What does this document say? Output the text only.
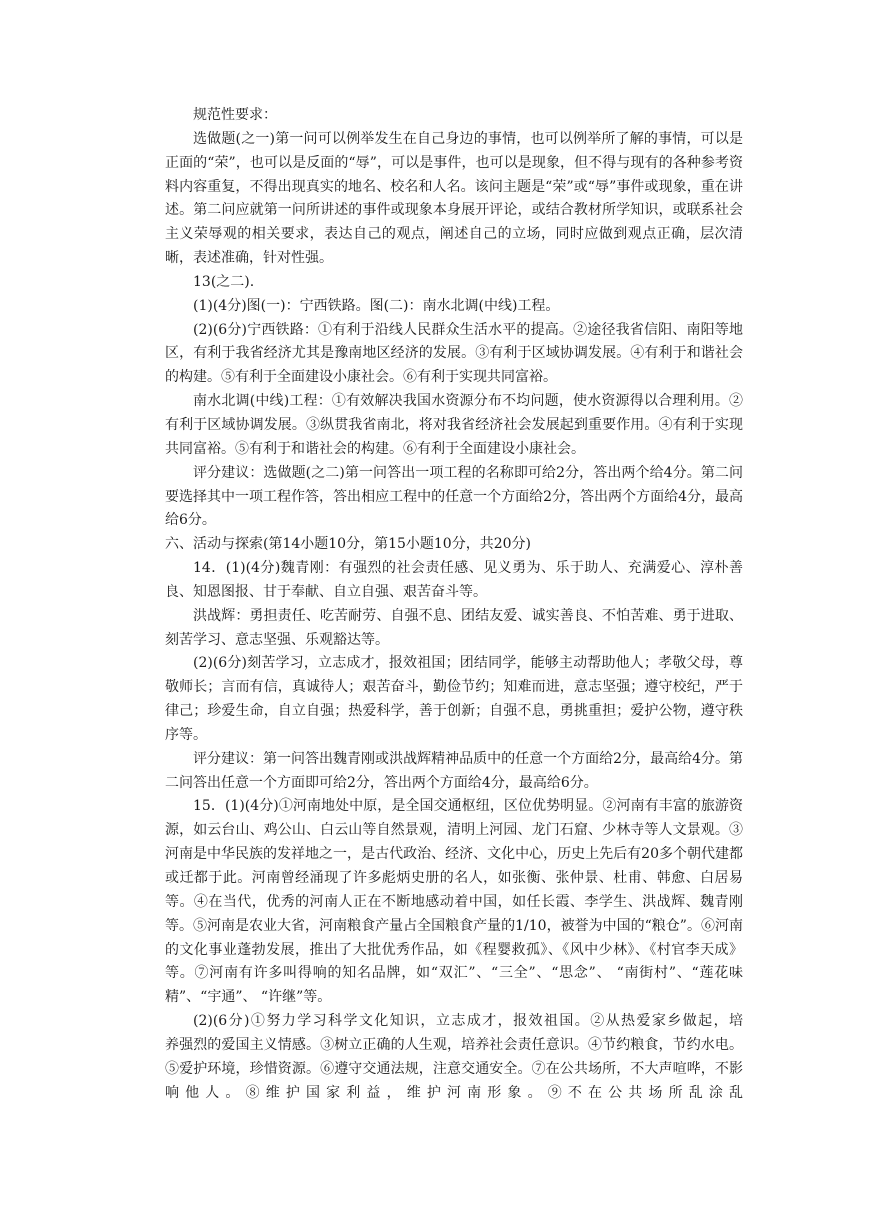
规范性要求：

选做题(之一)第一问可以例举发生在自己身边的事情，也可以例举所了解的事情，可以是正面的“荣”，也可以是反面的“辱”，可以是事件，也可以是现象，但不得与现有的各种参考资料内容重复，不得出现真实的地名、校名和人名。该问主题是“荣”或“辱”事件或现象，重在讲述。第二问应就第一问所讲述的事件或现象本身展开评论，或结合教材所学知识，或联系社会主义荣辱观的相关要求，表达自己的观点，阐述自己的立场，同时应做到观点正确，层次清晰，表述准确，针对性强。

13(之二).

(1)(4分)图(一)：宁西铁路。图(二)：南水北调(中线)工程。

(2)(6分)宁西铁路：①有利于沿线人民群众生活水平的提高。②途径我省信阳、南阳等地区，有利于我省经济尤其是豫南地区经济的发展。③有利于区域协调发展。④有利于和谐社会的构建。⑤有利于全面建设小康社会。⑥有利于实现共同富裕。

南水北调(中线)工程：①有效解决我国水资源分布不均问题，使水资源得以合理利用。②有利于区域协调发展。③纵贯我省南北，将对我省经济社会发展起到重要作用。④有利于实现共同富裕。⑤有利于和谐社会的构建。⑥有利于全面建设小康社会。

评分建议：选做题(之二)第一问答出一项工程的名称即可给2分，答出两个给4分。第二问要选择其中一项工程作答，答出相应工程中的任意一个方面给2分，答出两个方面给4分，最高给6分。

六、活动与探索(第14小题10分，第15小题10分，共20分)

14．(1)(4分)魏青刚：有强烈的社会责任感、见义勇为、乐于助人、充满爱心、淳朴善良、知恩图报、甘于奉献、自立自强、艰苦奋斗等。

洪战辉：勇担责任、吃苦耐劳、自强不息、团结友爱、诚实善良、不怕苦难、勇于进取、刻苦学习、意志坚强、乐观豁达等。

(2)(6分)刻苦学习，立志成才，报效祖国；团结同学，能够主动帮助他人；孝敬父母，尊敬师长；言而有信，真诚待人；艰苦奋斗，勤俭节约；知难而进，意志坚强；遵守校纪，严于律己；珍爱生命，自立自强；热爱科学，善于创新；自强不息，勇挑重担；爱护公物，遵守秩序等。

评分建议：第一问答出魏青刚或洪战辉精神品质中的任意一个方面给2分，最高给4分。第二问答出任意一个方面即可给2分，答出两个方面给4分，最高给6分。

15．(1)(4分)①河南地处中原，是全国交通枢纽，区位优势明显。②河南有丰富的旅游资源，如云台山、鸡公山、白云山等自然景观，清明上河园、龙门石窟、少林寺等人文景观。③河南是中华民族的发祥地之一，是古代政治、经济、文化中心，历史上先后有20多个朝代建都或迁都于此。河南曾经涌现了许多彪炳史册的名人，如张衡、张仲景、杜甫、韩愈、白居易等。④在当代，优秀的河南人正在不断地感动着中国，如任长霞、李学生、洪战辉、魏青刚等。⑤河南是农业大省，河南粮食产量占全国粮食产量的1/10，被誉为中国的“粮仓”。⑥河南的文化事业蓬勃发展，推出了大批优秀作品，如《程婴救孤》、《风中少林》、《村官李天成》等。⑦河南有许多叫得响的知名品牌，如“双汇”、“三全”、“思念”、 “南街村”、“莲花味精”、“宇通”、 “许继”等。

(2)(6分)①努力学习科学文化知识，立志成才，报效祖国。②从热爱家乡做起，培

养强烈的爱国主义情感。③树立正确的人生观，培养社会责任意识。④节约粮食，节约水电。⑤爱护环境，珍惜资源。⑥遵守交通法规，注意交通安全。⑦在公共场所，不大声喧哗，不影响他人。⑧维护国家利益，维护河南形象。⑨不在公共场所乱涂乱
